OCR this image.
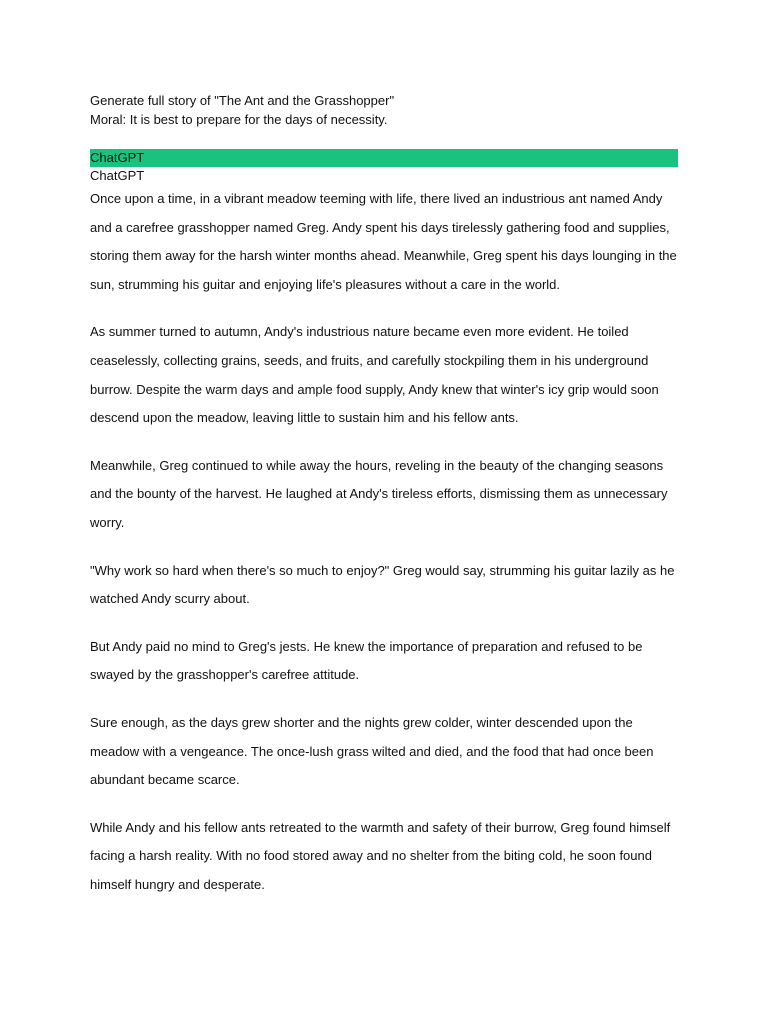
Generate full story of "The Ant and the Grasshopper"
Moral: It is best to prepare for the days of necessity.
ChatGPT
ChatGPT

Once upon a time, in a vibrant meadow teeming with life, there lived an industrious ant named Andy and a carefree grasshopper named Greg. Andy spent his days tirelessly gathering food and supplies, storing them away for the harsh winter months ahead. Meanwhile, Greg spent his days lounging in the sun, strumming his guitar and enjoying life's pleasures without a care in the world.

As summer turned to autumn, Andy's industrious nature became even more evident. He toiled ceaselessly, collecting grains, seeds, and fruits, and carefully stockpiling them in his underground burrow. Despite the warm days and ample food supply, Andy knew that winter's icy grip would soon descend upon the meadow, leaving little to sustain him and his fellow ants.

Meanwhile, Greg continued to while away the hours, reveling in the beauty of the changing seasons and the bounty of the harvest. He laughed at Andy's tireless efforts, dismissing them as unnecessary worry.

"Why work so hard when there's so much to enjoy?" Greg would say, strumming his guitar lazily as he watched Andy scurry about.

But Andy paid no mind to Greg's jests. He knew the importance of preparation and refused to be swayed by the grasshopper's carefree attitude.

Sure enough, as the days grew shorter and the nights grew colder, winter descended upon the meadow with a vengeance. The once-lush grass wilted and died, and the food that had once been abundant became scarce.

While Andy and his fellow ants retreated to the warmth and safety of their burrow, Greg found himself facing a harsh reality. With no food stored away and no shelter from the biting cold, he soon found himself hungry and desperate.
